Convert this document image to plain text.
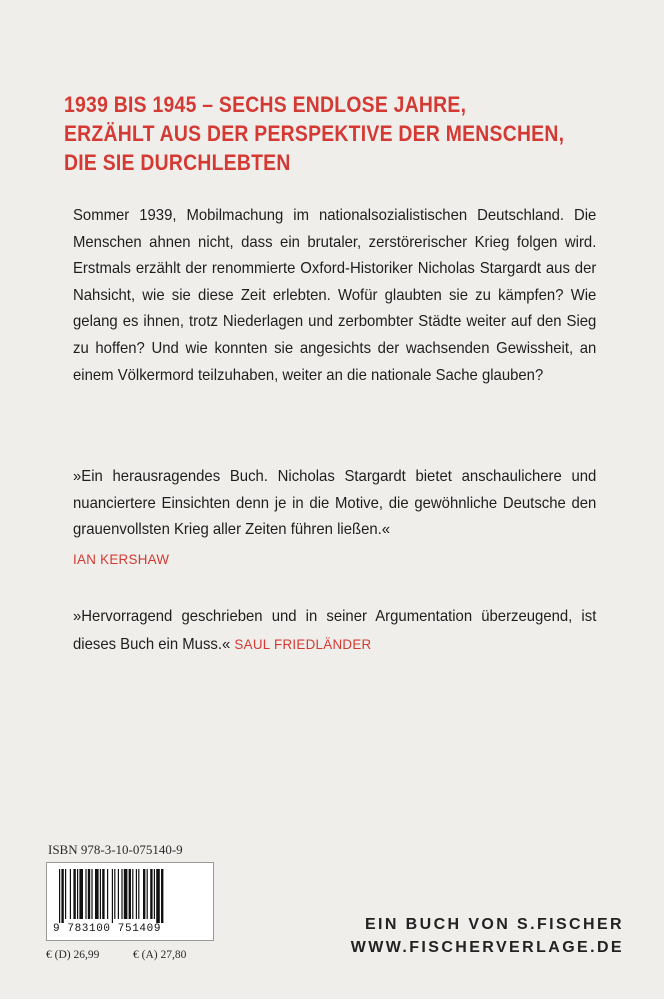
1939 BIS 1945 – SECHS ENDLOSE JAHRE,
ERZÄHLT AUS DER PERSPEKTIVE DER MENSCHEN,
DIE SIE DURCHLEBTEN

Sommer 1939, Mobilmachung im nationalsozialistischen Deutschland. Die Menschen ahnen nicht, dass ein brutaler, zerstörerischer Krieg folgen wird. Erstmals erzählt der renommierte Oxford-Historiker Nicholas Stargardt aus der Nahsicht, wie sie diese Zeit erlebten. Wofür glaubten sie zu kämpfen? Wie gelang es ihnen, trotz Niederlagen und zerbombter Städte weiter auf den Sieg zu hoffen? Und wie konnten sie angesichts der wachsenden Gewissheit, an einem Völkermord teilzuhaben, weiter an die nationale Sache glauben?

»Ein herausragendes Buch. Nicholas Stargardt bietet anschaulichere und nuanciertere Einsichten denn je in die Motive, die gewöhnliche Deutsche den grauenvollsten Krieg aller Zeiten führen ließen.«
IAN KERSHAW

»Hervorragend geschrieben und in seiner Argumentation überzeugend, ist dieses Buch ein Muss.« SAUL FRIEDLÄNDER

ISBN 978-3-10-075140-9
9 783100 751409
€ (D) 26,99	€ (A) 27,80
EIN BUCH VON S.FISCHER
WWW.FISCHERVERLAGE.DE
